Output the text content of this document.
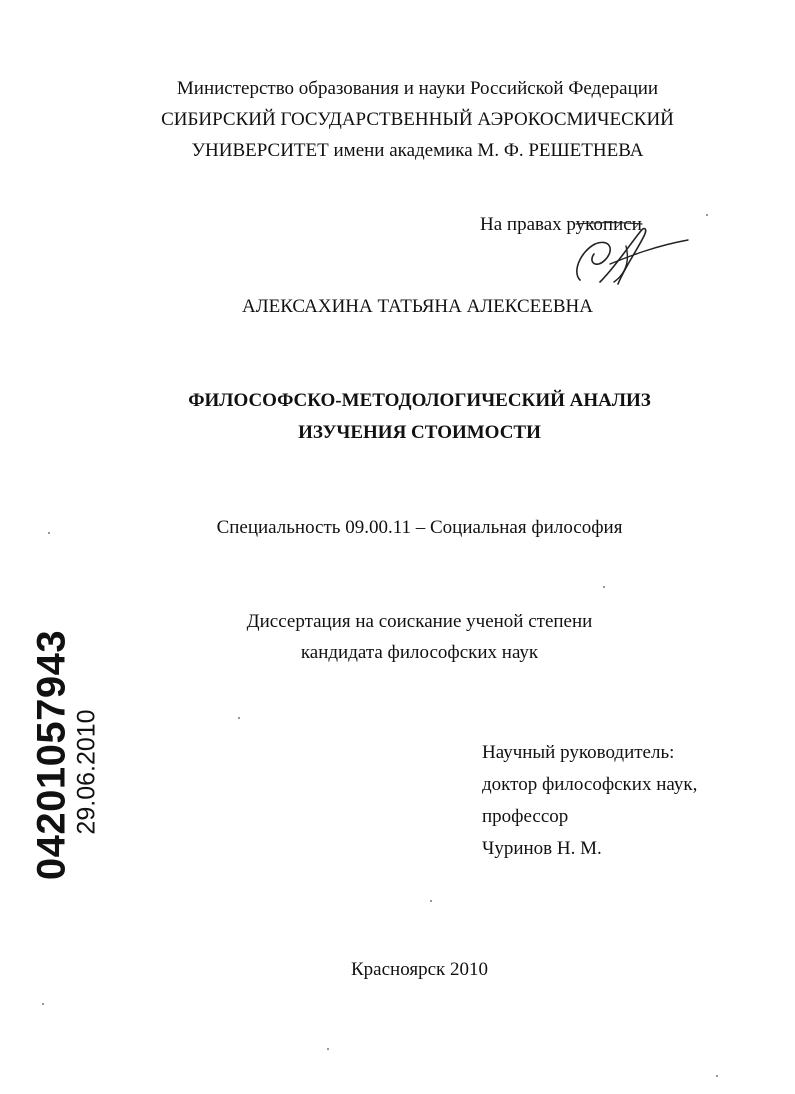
Министерство образования и науки Российской Федерации
СИБИРСКИЙ ГОСУДАРСТВЕННЫЙ АЭРОКОСМИЧЕСКИЙ
УНИВЕРСИТЕТ имени академика М. Ф. РЕШЕТНЕВА
На правах рукописи
АЛЕКСАХИНА ТАТЬЯНА АЛЕКСЕЕВНА
ФИЛОСОФСКО-МЕТОДОЛОГИЧЕСКИЙ АНАЛИЗ
ИЗУЧЕНИЯ СТОИМОСТИ
Специальность 09.00.11 – Социальная философия
Диссертация на соискание ученой степени
кандидата философских наук
Научный руководитель:
доктор философских наук,
профессор
Чуринов Н. М.
Красноярск 2010
04201057943 29.06.2010
